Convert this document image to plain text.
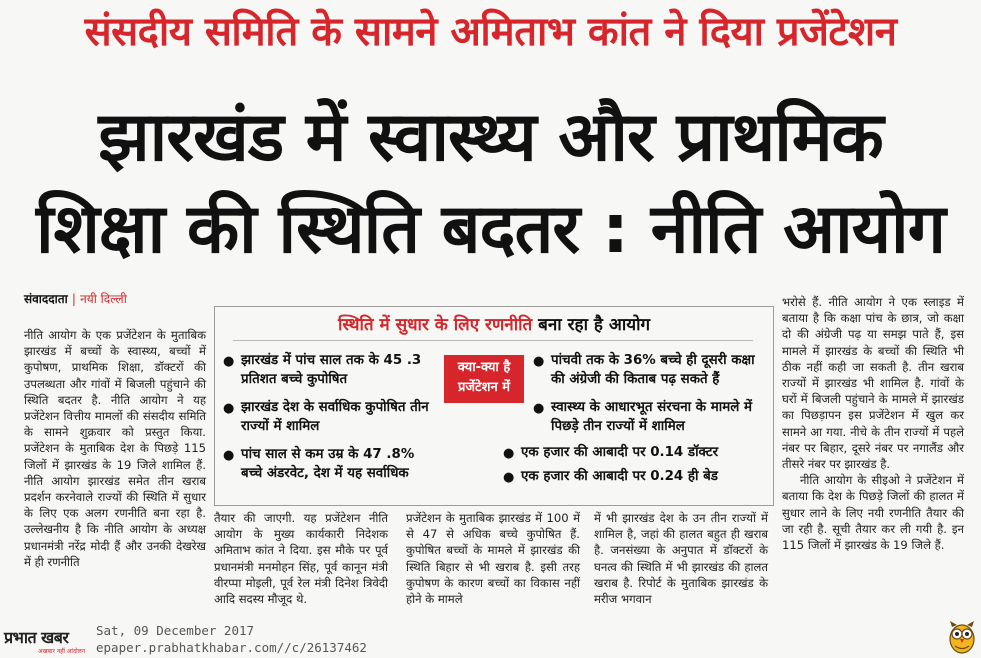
संसदीय समिति के सामने अमिताभ कांत ने दिया प्रजेंटेशन
झारखंड में स्वास्थ्य और प्राथमिक
शिक्षा की स्थिति बदतर : नीति आयोग
संवाददाता | नयी दिल्ली

नीति आयोग के एक प्रजेंटेशन के मुताबिक झारखंड में बच्चों के स्वास्थ्य, बच्चों में कुपोषण, प्राथमिक शिक्षा, डॉक्टरों की उपलब्धता और गांवों में बिजली पहुंचाने की स्थिति बदतर है. नीति आयोग ने यह प्रजेंटेशन वित्तीय मामलों की संसदीय समिति के सामने शुक्रवार को प्रस्तुत किया. प्रजेंटेशन के मुताबिक देश के पिछड़े 115 जिलों में झारखंड के 19 जिले शामिल हैं. नीति आयोग झारखंड समेत तीन खराब प्रदर्शन करनेवाले राज्यों की स्थिति में सुधार के लिए एक अलग रणनीति बना रहा है. उल्लेखनीय है कि नीति आयोग के अध्यक्ष प्रधानमंत्री नरेंद्र मोदी हैं और उनकी देखरेख में ही रणनीति

स्थिति में सुधार के लिए रणनीति बना रहा है आयोग
● झारखंड में पांच साल तक के 45 .3 प्रतिशत बच्चे कुपोषित
● झारखंड देश के सर्वाधिक कुपोषित तीन राज्यों में शामिल
● पांच साल से कम उम्र के 47 .8% बच्चे अंडरवेट, देश में यह सर्वाधिक
क्या-क्या है
प्रजेंटेशन में
● पांचवी तक के 36% बच्चे ही दूसरी कक्षा की अंग्रेजी की किताब पढ़ सकते हैं
● स्वास्थ्य के आधारभूत संरचना के मामले में पिछड़े तीन राज्यों में शामिल
● एक हजार की आबादी पर 0.14 डॉक्टर
● एक हजार की आबादी पर 0.24 ही बेड
तैयार की जाएगी. यह प्रजेंटेशन नीति आयोग के मुख्य कार्यकारी निदेशक अमिताभ कांत ने दिया. इस मौके पर पूर्व प्रधानमंत्री मनमोहन सिंह, पूर्व कानून मंत्री वीरप्पा मोइली, पूर्व रेल मंत्री दिनेश त्रिवेदी आदि सदस्य मौजूद थे.
प्रजेंटेशन के मुताबिक झारखंड में 100 में से 47 से अधिक बच्चे कुपोषित हैं. कुपोषित बच्चों के मामले में झारखंड की स्थिति बिहार से भी खराब है. इसी तरह कुपोषण के कारण बच्चों का विकास नहीं होने के मामले
में भी झारखंड देश के उन तीन राज्यों में शामिल है, जहां की हालत बहुत ही खराब है. जनसंख्या के अनुपात में डॉक्टरों के घनत्व की स्थिति में भी झारखंड की हालत खराब है. रिपोर्ट के मुताबिक झारखंड के मरीज भगवान

भरोसे हैं. नीति आयोग ने एक स्लाइड में बताया है कि कक्षा पांच के छात्र, जो कक्षा दो की अंग्रेजी पढ़ या समझ पाते हैं, इस मामले में झारखंड के बच्चों की स्थिति भी ठीक नहीं कही जा सकती है. तीन खराब राज्यों में झारखंड भी शामिल है. गांवों के घरों में बिजली पहुंचाने के मामले में झारखंड का पिछड़ापन इस प्रजेंटेशन में खुल कर सामने आ गया. नीचे के तीन राज्यों में पहले नंबर पर बिहार, दूसरे नंबर पर नगालैंड और तीसरे नंबर पर झारखंड है.

नीति आयोग के सीइओ ने प्रजेंटेशन में बताया कि देश के पिछड़े जिलों की हालत में सुधार लाने के लिए नयी रणनीति तैयार की जा रही है. सूची तैयार कर ली गयी है. इन 115 जिलों में झारखंड के 19 जिले हैं.

प्रभात खबर
अखबार नहीं आंदोलन
Sat, 09 December 2017
epaper.prabhatkhabar.com//c/26137462
